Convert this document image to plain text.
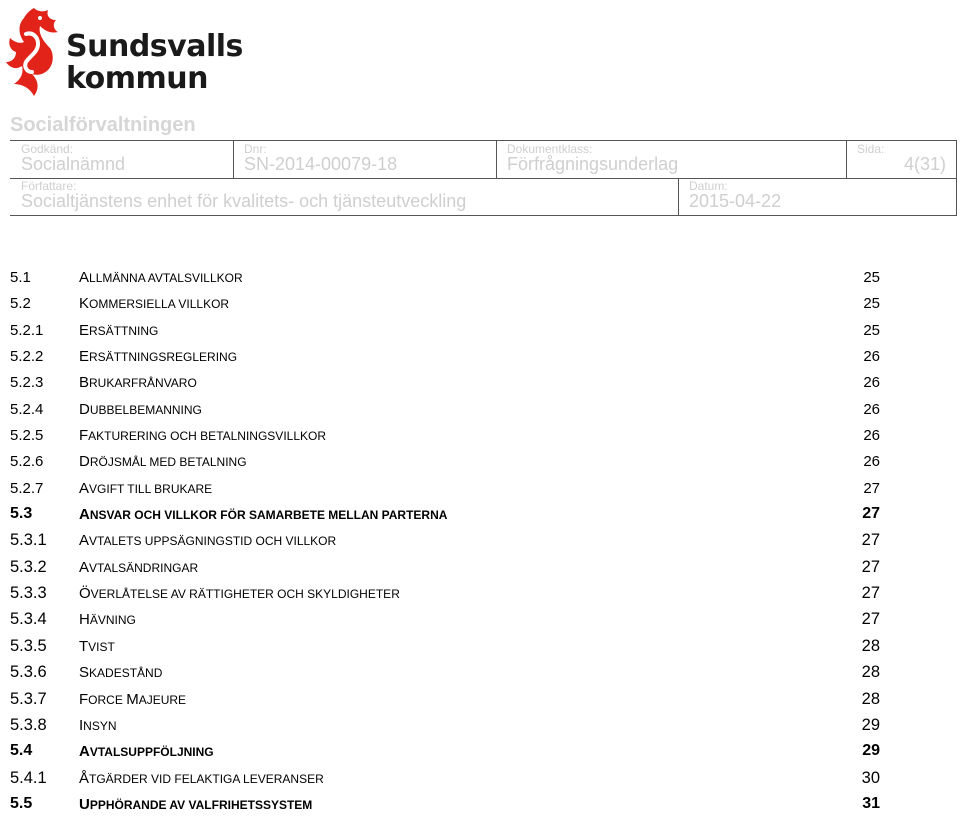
Sundsvalls
kommun
Socialförvaltningen
Godkänd:
Socialnämnd
Dnr:
SN-2014-00079-18
Dokumentklass:
Förfrågningsunderlag
Sida:
4(31)
Författare:
Socialtjänstens enhet för kvalitets- och tjänsteutveckling
Datum:
2015-04-22
5.1	ALLMÄNNA AVTALSVILLKOR	25
5.2	KOMMERSIELLA VILLKOR	25
5.2.1 ERSÄTTNING	25
5.2.2 ERSÄTTNINGSREGLERING	26
5.2.3 BRUKARFRÅNVARO	26
5.2.4 DUBBELBEMANNING	26
5.2.5 FAKTURERING OCH BETALNINGSVILLKOR	26
5.2.6 DRÖJSMÅL MED BETALNING	26
5.2.7 AVGIFT TILL BRUKARE	27
5.3	ANSVAR OCH VILLKOR FÖR SAMARBETE MELLAN PARTERNA	27
5.3.1 AVTALETS UPPSÄGNINGSTID OCH VILLKOR	27
5.3.2 AVTALSÄNDRINGAR	27
5.3.3 ÖVERLÅTELSE AV RÄTTIGHETER OCH SKYLDIGHETER	27
5.3.4 HÄVNING	27
5.3.5 TVIST	28
5.3.6 SKADESTÅND	28
5.3.7 FORCE MAJEURE	28
5.3.8 INSYN	29
5.4	AVTALSUPPFÖLJNING	29
5.4.1 ÅTGÄRDER VID FELAKTIGA LEVERANSER	30
5.5	UPPHÖRANDE AV VALFRIHETSSYSTEM	31
